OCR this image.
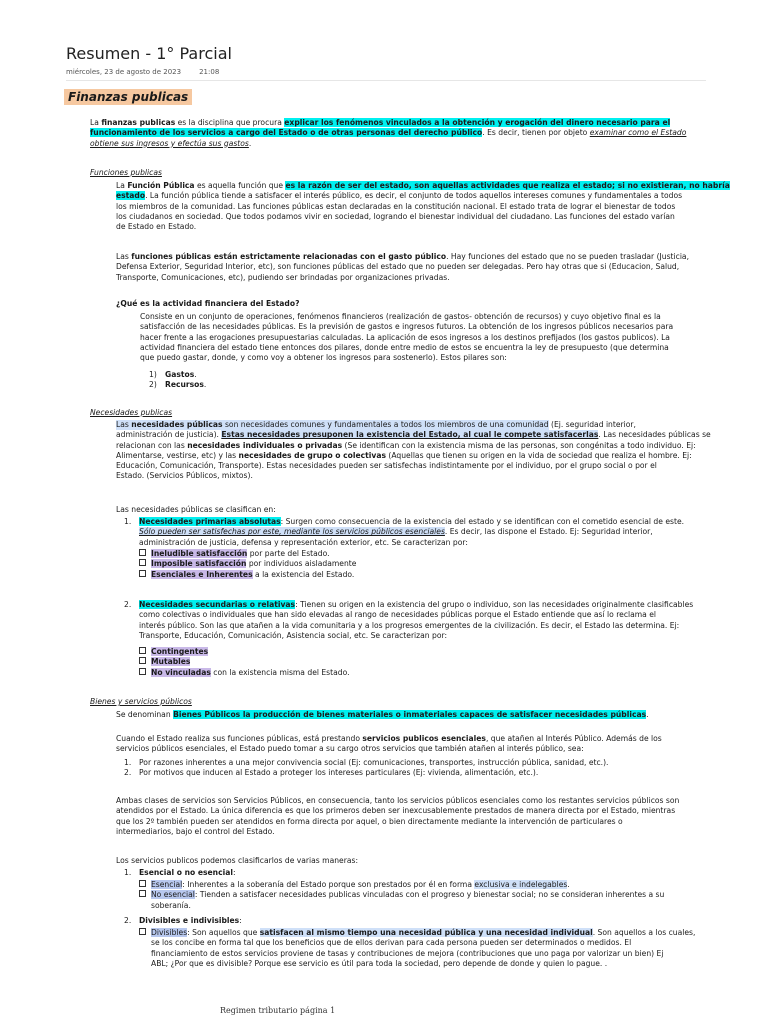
Resumen - 1° Parcial
miércoles, 23 de agosto de 2023	21:08
Finanzas publicas
La finanzas publicas es la disciplina que procura explicar los fenómenos vinculados a la obtención y erogación del dinero necesario para el
funcionamiento de los servicios a cargo del Estado o de otras personas del derecho público. Es decir, tienen por objeto examinar como el Estado
obtiene sus ingresos y efectúa sus gastos.
Funciones publicas
La Función Pública es aquella función que es la razón de ser del estado, son aquellas actividades que realiza el estado; si no existieran, no habría
estado. La función pública tiende a satisfacer el interés público, es decir, el conjunto de todos aquellos intereses comunes y fundamentales a todos
los miembros de la comunidad. Las funciones públicas estan declaradas en la constitución nacional. El estado trata de lograr el bienestar de todos
los ciudadanos en sociedad. Que todos podamos vivir en sociedad, logrando el bienestar individual del ciudadano. Las funciones del estado varían
de Estado en Estado.
Las funciones públicas están estrictamente relacionadas con el gasto público. Hay funciones del estado que no se pueden trasladar (Justicia,
Defensa Exterior, Seguridad Interior, etc), son funciones públicas del estado que no pueden ser delegadas. Pero hay otras que si (Educacion, Salud,
Transporte, Comunicaciones, etc), pudiendo ser brindadas por organizaciones privadas.
¿Qué es la actividad financiera del Estado?
Consiste en un conjunto de operaciones, fenómenos financieros (realización de gastos- obtención de recursos) y cuyo objetivo final es la
satisfacción de las necesidades públicas. Es la previsión de gastos e ingresos futuros. La obtención de los ingresos públicos necesarios para
hacer frente a las erogaciones presupuestarias calculadas. La aplicación de esos ingresos a los destinos prefijados (los gastos publicos). La
actividad financiera del estado tiene entonces dos pilares, donde entre medio de estos se encuentra la ley de presupuesto (que determina
que puedo gastar, donde, y como voy a obtener los ingresos para sostenerlo). Estos pilares son:
1) Gastos.
2) Recursos.
Necesidades publicas
Las necesidades públicas son necesidades comunes y fundamentales a todos los miembros de una comunidad (Ej. seguridad interior,
administración de justicia). Estas necesidades presuponen la existencia del Estado, al cual le compete satisfacerlas. Las necesidades públicas se
relacionan con las necesidades individuales o privadas (Se identifican con la existencia misma de las personas, son congénitas a todo individuo. Ej:
Alimentarse, vestirse, etc) y las necesidades de grupo o colectivas (Aquellas que tienen su origen en la vida de sociedad que realiza el hombre. Ej:
Educación, Comunicación, Transporte). Estas necesidades pueden ser satisfechas indistintamente por el individuo, por el grupo social o por el
Estado. (Servicios Públicos, mixtos).
Las necesidades públicas se clasifican en:
1. Necesidades primarias absolutas: Surgen como consecuencia de la existencia del estado y se identifican con el cometido esencial de este.
Sólo pueden ser satisfechas por este, mediante los servicios públicos esenciales. Es decir, las dispone el Estado. Ej: Seguridad interior,
administración de justicia, defensa y representación exterior, etc. Se caracterizan por:
Ineludible satisfacción por parte del Estado.
Imposible satisfacción por individuos aisladamente
Esenciales e Inherentes a la existencia del Estado.
2. Necesidades secundarias o relativas: Tienen su origen en la existencia del grupo o individuo, son las necesidades originalmente clasificables
como colectivas o individuales que han sido elevadas al rango de necesidades públicas porque el Estado entiende que así lo reclama el
interés público. Son las que atañen a la vida comunitaria y a los progresos emergentes de la civilización. Es decir, el Estado las determina. Ej:
Transporte, Educación, Comunicación, Asistencia social, etc. Se caracterizan por:
Contingentes
Mutables
No vinculadas con la existencia misma del Estado.
Bienes y servicios públicos
Se denominan Bienes Públicos la producción de bienes materiales o inmateriales capaces de satisfacer necesidades públicas.
Cuando el Estado realiza sus funciones públicas, está prestando servicios publicos esenciales, que atañen al Interés Público. Además de los
servicios públicos esenciales, el Estado puedo tomar a su cargo otros servicios que también atañen al interés público, sea:
1. Por razones inherentes a una mejor convivencia social (Ej: comunicaciones, transportes, instrucción pública, sanidad, etc.).
2. Por motivos que inducen al Estado a proteger los intereses particulares (Ej: vivienda, alimentación, etc.).
Ambas clases de servicios son Servicios Públicos, en consecuencia, tanto los servicios públicos esenciales como los restantes servicios públicos son
atendidos por el Estado. La única diferencia es que los primeros deben ser inexcusablemente prestados de manera directa por el Estado, mientras
que los 2º también pueden ser atendidos en forma directa por aquel, o bien directamente mediante la intervención de particulares o
intermediarios, bajo el control del Estado.
Los servicios publicos podemos clasificarlos de varias maneras:
1. Esencial o no esencial:
Esencial: Inherentes a la soberanía del Estado porque son prestados por él en forma exclusiva e indelegables.
No esencial: Tienden a satisfacer necesidades publicas vinculadas con el progreso y bienestar social; no se consideran inherentes a su
soberanía.
2. Divisibles e indivisibles:
Divisibles: Son aquellos que satisfacen al mismo tiempo una necesidad pública y una necesidad individual. Son aquellos a los cuales,
se los concibe en forma tal que los beneficios que de ellos derivan para cada persona pueden ser determinados o medidos. El
financiamiento de estos servicios proviene de tasas y contribuciones de mejora (contribuciones que uno paga por valorizar un bien) Ej
ABL; ¿Por que es divisible? Porque ese servicio es útil para toda la sociedad, pero depende de donde y quien lo pague. .
Regimen tributario página 1
